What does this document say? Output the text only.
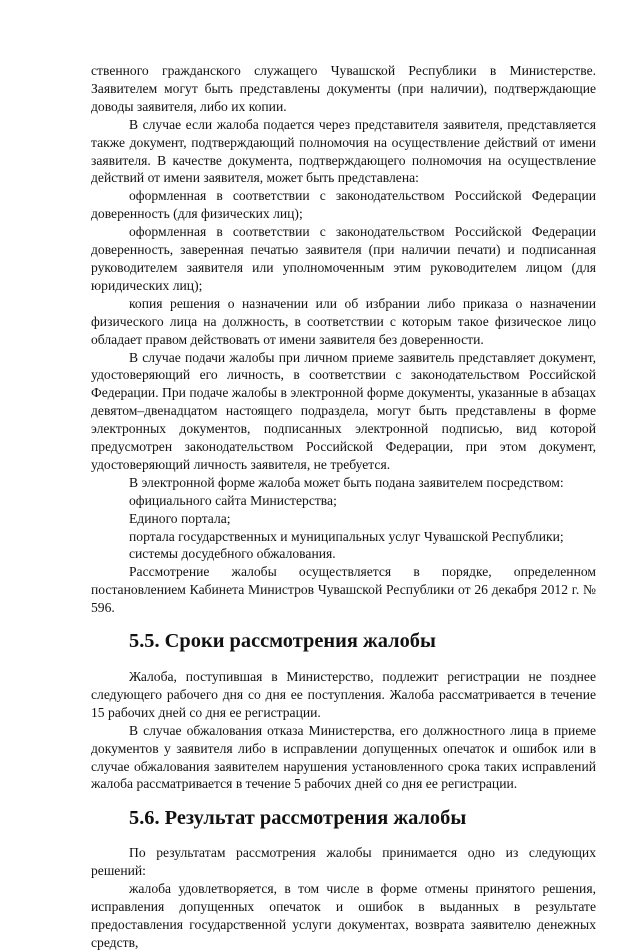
ственного гражданского служащего Чувашской Республики в Министерстве. Заявителем могут быть представлены документы (при наличии), подтверждающие доводы заявителя, либо их копии.

В случае если жалоба подается через представителя заявителя, представляется также документ, подтверждающий полномочия на осуществление действий от имени заявителя. В качестве документа, подтверждающего полномочия на осуществление действий от имени заявителя, может быть представлена:

оформленная в соответствии с законодательством Российской Федерации доверенность (для физических лиц);

оформленная в соответствии с законодательством Российской Федерации доверенность, заверенная печатью заявителя (при наличии печати) и подписанная руководителем заявителя или уполномоченным этим руководителем лицом (для юридических лиц);

копия решения о назначении или об избрании либо приказа о назначении физического лица на должность, в соответствии с которым такое физическое лицо обладает правом действовать от имени заявителя без доверенности.

В случае подачи жалобы при личном приеме заявитель представляет документ, удостоверяющий его личность, в соответствии с законодательством Российской Федерации. При подаче жалобы в электронной форме документы, указанные в абзацах девятом–двенадцатом настоящего подраздела, могут быть представлены в форме электронных документов, подписанных электронной подписью, вид которой предусмотрен законодательством Российской Федерации, при этом документ, удостоверяющий личность заявителя, не требуется.

В электронной форме жалоба может быть подана заявителем посредством:

официального сайта Министерства;

Единого портала;

портала государственных и муниципальных услуг Чувашской Республики;

системы досудебного обжалования.

Рассмотрение жалобы осуществляется в порядке, определенном постановлением Кабинета Министров Чувашской Республики от 26 декабря 2012 г. № 596.

5.5. Сроки рассмотрения жалобы

Жалоба, поступившая в Министерство, подлежит регистрации не позднее следующего рабочего дня со дня ее поступления. Жалоба рассматривается в течение 15 рабочих дней со дня ее регистрации.

В случае обжалования отказа Министерства, его должностного лица в приеме документов у заявителя либо в исправлении допущенных опечаток и ошибок или в случае обжалования заявителем нарушения установленного срока таких исправлений жалоба рассматривается в течение 5 рабочих дней со дня ее регистрации.

5.6. Результат рассмотрения жалобы

По результатам рассмотрения жалобы принимается одно из следующих решений:

жалоба удовлетворяется, в том числе в форме отмены принятого решения, исправления допущенных опечаток и ошибок в выданных в результате предоставления государственной услуги документах, возврата заявителю денежных средств,
